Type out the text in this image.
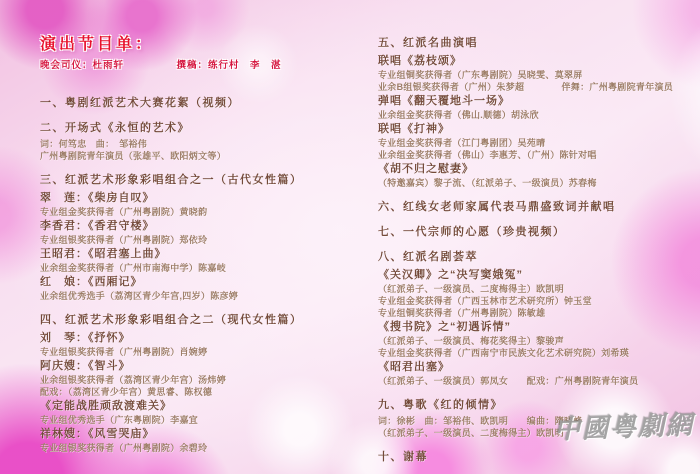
演出节目单：
晚会司仪：杜雨轩　　　　　撰稿：练行村　李　湛
一、粤剧红派艺术大赛花絮（视频）
二、开场式《永恒的艺术》
词：何笃忠　曲：　邹裕伟
广州粤剧院青年演员（张雄平、欧阳炳文等）
三、红派艺术形象彩唱组合之一（古代女性篇）
翠　莲：《柴房自叹》
专业组金奖获得者（广州粤剧院）黄晓韵
李香君：《香君守楼》
专业组银奖获得者（广州粤剧院）郑依玲
王昭君：《昭君塞上曲》
业余组金奖获得者（广州市南海中学）陈嘉岐
红　娘：《西厢记》
业余组优秀选手（荔湾区青少年宫,四岁）陈彦婷
四、红派艺术形象彩唱组合之二（现代女性篇）
刘　琴：《抒怀》
专业组银奖获得者（广州粤剧院）肖婉婷
阿庆嫂：《智斗》
业余组银奖获得者（荔湾区青少年宫）汤炜婷
配戏：（荔湾区青少年宫）黄思睿、陈权德
《定能战胜顽敌渡难关》
专业组优秀选手（广东粤剧院）李嘉宜
祥林嫂：《风雪哭庙》
专业组银奖获得者（广州粤剧院）余碧玲
五、红派名曲演唱
联唱《荔枝颂》
专业组铜奖获得者（广东粤剧院）吴晓雯、莫翠屏
业余B组银奖获得者（广州）朱梦超　　　　伴舞：广州粤剧院青年演员
弹唱《翻天覆地斗一场》
业余组金奖获得者（佛山.顺德）胡泳欣
联唱《打神》
专业组金奖获得者（江门粤剧团）吴苑晴
业余组金奖获得者（佛山）李惠芳、（广州）陈针对唱
《胡不归之慰妻》
（特邀嘉宾）黎子流、（红派弟子、一级演员）苏春梅
六、红线女老师家属代表马鼎盛致词并献唱
七、一代宗师的心愿（珍贵视频）
八、红派名剧荟萃
《关汉卿》之“决写窦娥冤”
（红派弟子、一级演员、二度梅得主）欧凯明
专业组金奖获得者（广西玉林市艺术研究所）钟玉堂
专业组铜奖获得者（广州粤剧院）陈敏雄
《搜书院》之“初遇诉情”
（红派弟子、一级演员、梅花奖得主）黎骏声
专业组金奖获得者（广西南宁市民族文化艺术研究院）刘希瑛
《昭君出塞》
（红派弟子、一级演员）郭凤女　　配戏：广州粤剧院青年演员
九、粤歌《红的倾情》
词：徐彬　曲：邹裕伟、欧凯明　　编曲：隋晓峰
（红派弟子、一级演员、二度梅得主）欧凯明
十、谢幕
中國粤劇網
